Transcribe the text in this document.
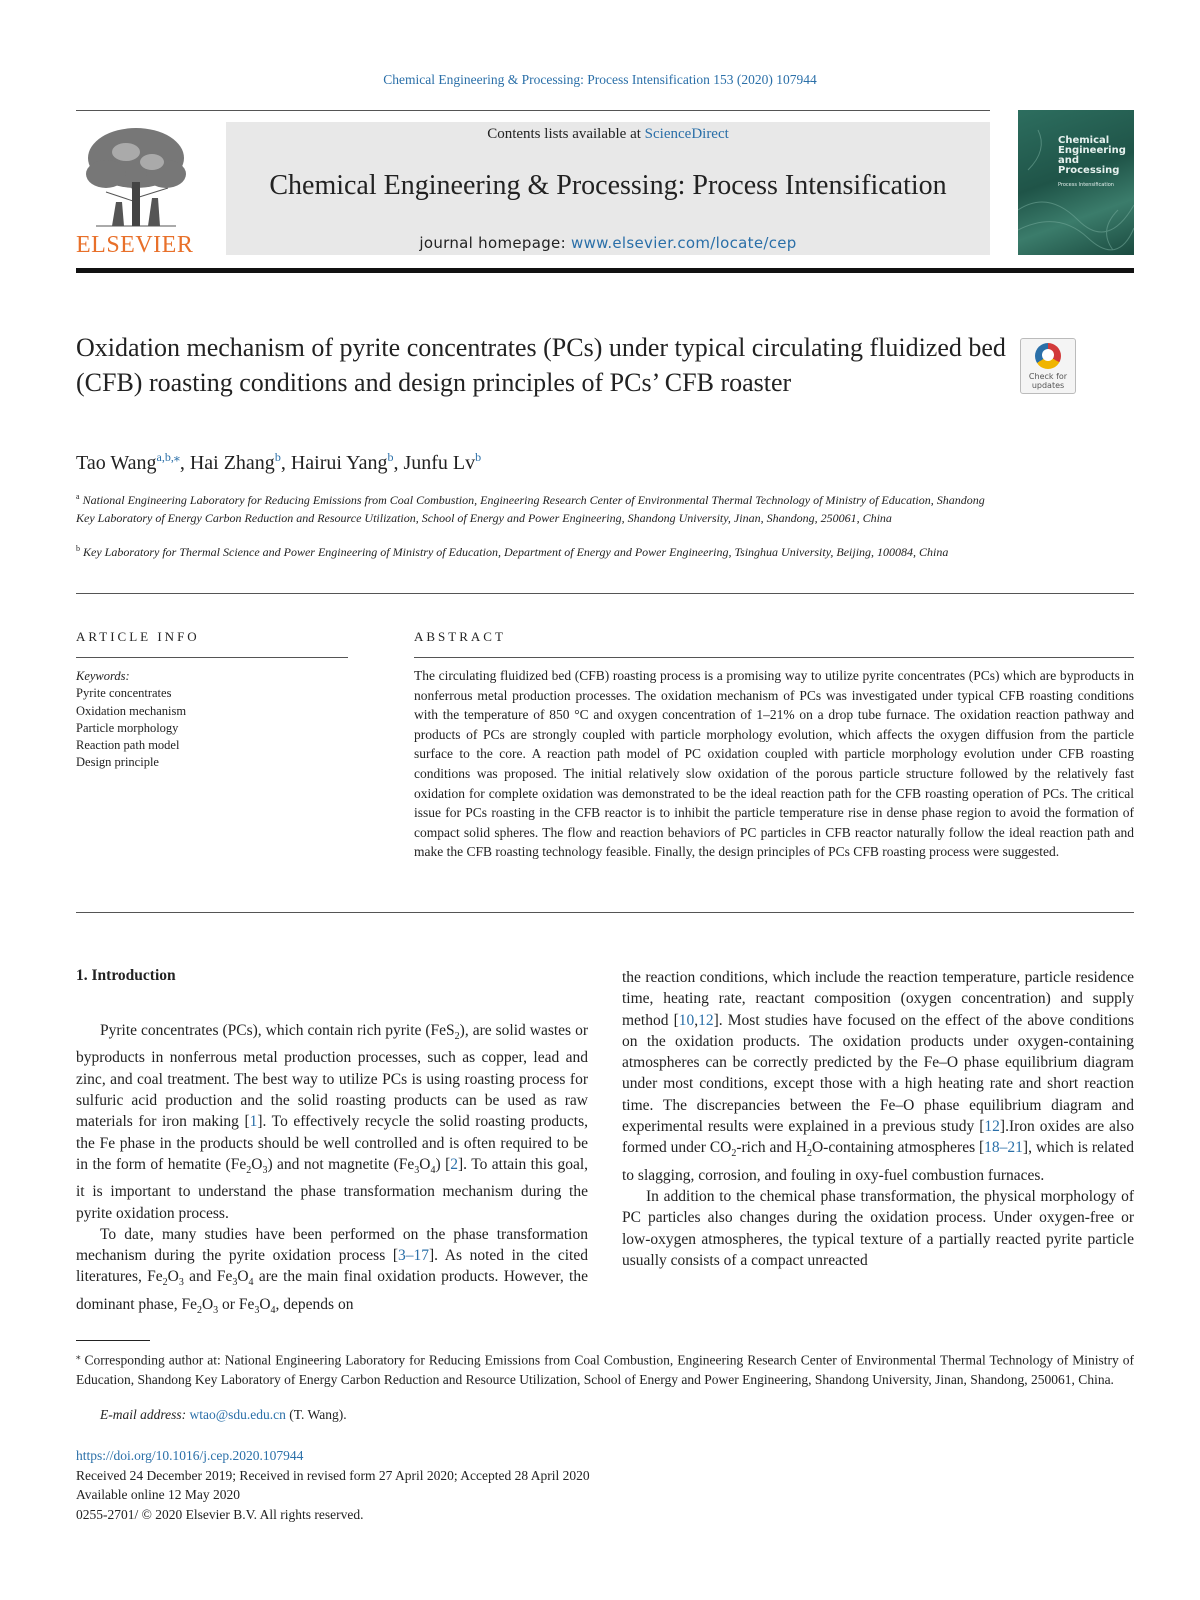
Chemical Engineering & Processing: Process Intensification 153 (2020) 107944
ELSEVIER
Contents lists available at ScienceDirect
Chemical Engineering & Processing: Process Intensification
journal homepage: www.elsevier.com/locate/cep
Chemical
Engineering
and
Processing
Process Intensification
Oxidation mechanism of pyrite concentrates (PCs) under typical circulating fluidized bed (CFB) roasting conditions and design principles of PCs’ CFB roaster	Check for
updates
Tao Wang$^{a,b,⁎}$, Hai Zhang$^b$, Hairui Yang$^b$, Junfu Lv$^b$
$^a$ National Engineering Laboratory for Reducing Emissions from Coal Combustion, Engineering Research Center of Environmental Thermal Technology of Ministry of Education, Shandong Key Laboratory of Energy Carbon Reduction and Resource Utilization, School of Energy and Power Engineering, Shandong University, Jinan, Shandong, 250061, China
$^b$ Key Laboratory for Thermal Science and Power Engineering of Ministry of Education, Department of Energy and Power Engineering, Tsinghua University, Beijing, 100084, China
ARTICLE INFO	ABSTRACT
Keywords:
Pyrite concentrates
Oxidation mechanism
Particle morphology
Reaction path model
Design principle
The circulating fluidized bed (CFB) roasting process is a promising way to utilize pyrite concentrates (PCs) which are byproducts in nonferrous metal production processes. The oxidation mechanism of PCs was investigated under typical CFB roasting conditions with the temperature of 850 °C and oxygen concentration of 1–21% on a drop tube furnace. The oxidation reaction pathway and products of PCs are strongly coupled with particle morphology evolution, which affects the oxygen diffusion from the particle surface to the core. A reaction path model of PC oxidation coupled with particle morphology evolution under CFB roasting conditions was proposed. The initial relatively slow oxidation of the porous particle structure followed by the relatively fast oxidation for complete oxidation was demonstrated to be the ideal reaction path for the CFB roasting operation of PCs. The critical issue for PCs roasting in the CFB reactor is to inhibit the particle temperature rise in dense phase region to avoid the formation of compact solid spheres. The flow and reaction behaviors of PC particles in CFB reactor naturally follow the ideal reaction path and make the CFB roasting technology feasible. Finally, the design principles of PCs CFB roasting process were suggested.
1. Introduction

Pyrite concentrates (PCs), which contain rich pyrite (FeS$_2$), are solid wastes or byproducts in nonferrous metal production processes, such as copper, lead and zinc, and coal treatment. The best way to utilize PCs is using roasting process for sulfuric acid production and the solid roasting products can be used as raw materials for iron making [1]. To effectively recycle the solid roasting products, the Fe phase in the products should be well controlled and is often required to be in the form of hematite $(Fe_2O_3)$ and not magnetite $(Fe_3O_4)$ [2]. To attain this goal, it is important to understand the phase transformation mechanism during the pyrite oxidation process.

To date, many studies have been performed on the phase transformation mechanism during the pyrite oxidation process [3–17]. As noted in the cited literatures, $Fe_2O_3$ and $Fe_3O_4$ are the main final oxidation products. However, the dominant phase, $Fe_2O_3$ or $Fe_3O_4$, depends on

the reaction conditions, which include the reaction temperature, particle residence time, heating rate, reactant composition (oxygen concentration) and supply method [10,12]. Most studies have focused on the effect of the above conditions on the oxidation products. The oxidation products under oxygen-containing atmospheres can be correctly predicted by the Fe–O phase equilibrium diagram under most conditions, except those with a high heating rate and short reaction time. The discrepancies between the Fe–O phase equilibrium diagram and experimental results were explained in a previous study [12].Iron oxides are also formed under $CO_2$-rich and $H_2O$-containing atmospheres [18–21], which is related to slagging, corrosion, and fouling in oxy-fuel combustion furnaces.

In addition to the chemical phase transformation, the physical morphology of PC particles also changes during the oxidation process. Under oxygen-free or low-oxygen atmospheres, the typical texture of a partially reacted pyrite particle usually consists of a compact unreacted

⁎ Corresponding author at: National Engineering Laboratory for Reducing Emissions from Coal Combustion, Engineering Research Center of Environmental Thermal Technology of Ministry of Education, Shandong Key Laboratory of Energy Carbon Reduction and Resource Utilization, School of Energy and Power Engineering, Shandong University, Jinan, Shandong, 250061, China.
E-mail address: wtao@sdu.edu.cn (T. Wang).
https://doi.org/10.1016/j.cep.2020.107944
Received 24 December 2019; Received in revised form 27 April 2020; Accepted 28 April 2020
Available online 12 May 2020
0255-2701/ © 2020 Elsevier B.V. All rights reserved.
